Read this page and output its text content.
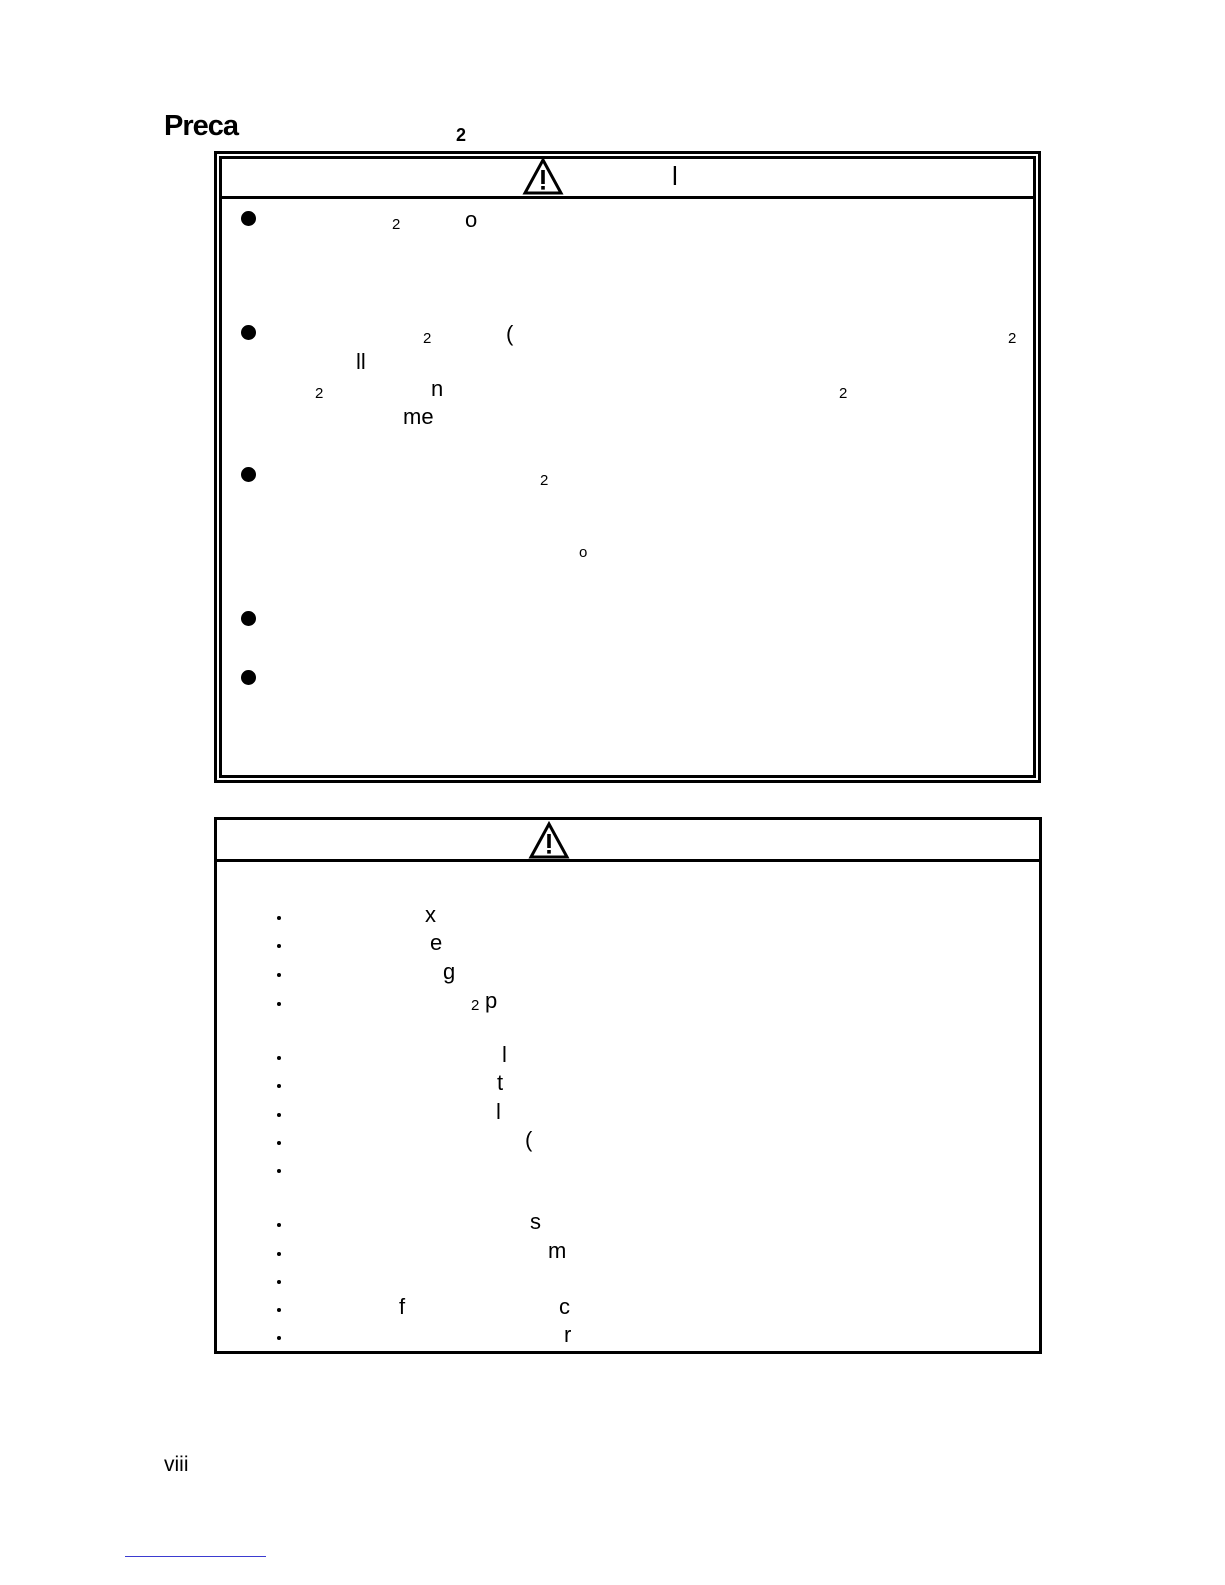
Preca	2
l
2	o
2	(	2
ll
2	n	2
me
2
o
x
e
g
2 p
l
t
l
(
s
m
f	c
r
viii
